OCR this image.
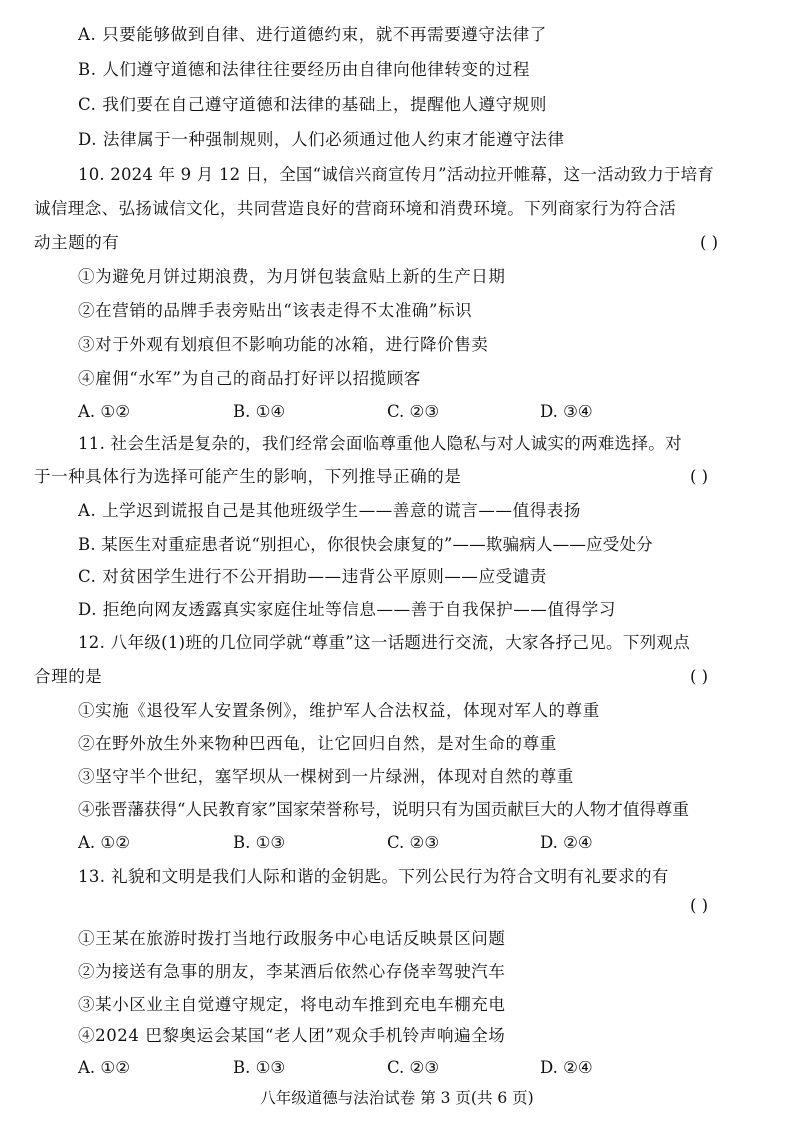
A. 只要能够做到自律、进行道德约束，就不再需要遵守法律了
B. 人们遵守道德和法律往往要经历由自律向他律转变的过程
C. 我们要在自己遵守道德和法律的基础上，提醒他人遵守规则
D. 法律属于一种强制规则，人们必须通过他人约束才能遵守法律
10. 2024 年 9 月 12 日，全国“诚信兴商宣传月”活动拉开帷幕，这一活动致力于培育
诚信理念、弘扬诚信文化，共同营造良好的营商环境和消费环境。下列商家行为符合活
动主题的有	( )
①为避免月饼过期浪费，为月饼包装盒贴上新的生产日期
②在营销的品牌手表旁贴出“该表走得不太准确”标识
③对于外观有划痕但不影响功能的冰箱，进行降价售卖
④雇佣“水军”为自己的商品打好评以招揽顾客
A. ①②	B. ①④	C. ②③	D. ③④
11. 社会生活是复杂的，我们经常会面临尊重他人隐私与对人诚实的两难选择。对
于一种具体行为选择可能产生的影响，下列推导正确的是	( )
A. 上学迟到谎报自己是其他班级学生——善意的谎言——值得表扬
B. 某医生对重症患者说“别担心，你很快会康复的”——欺骗病人——应受处分
C. 对贫困学生进行不公开捐助——违背公平原则——应受谴责
D. 拒绝向网友透露真实家庭住址等信息——善于自我保护——值得学习
12. 八年级(1)班的几位同学就“尊重”这一话题进行交流，大家各抒己见。下列观点
合理的是	( )
①实施《退役军人安置条例》，维护军人合法权益，体现对军人的尊重
②在野外放生外来物种巴西龟，让它回归自然，是对生命的尊重
③坚守半个世纪，塞罕坝从一棵树到一片绿洲，体现对自然的尊重
④张晋藩获得“人民教育家”国家荣誉称号，说明只有为国贡献巨大的人物才值得尊重
A. ①②	B. ①③	C. ②③	D. ②④
13. 礼貌和文明是我们人际和谐的金钥匙。下列公民行为符合文明有礼要求的有
( )
①王某在旅游时拨打当地行政服务中心电话反映景区问题
②为接送有急事的朋友，李某酒后依然心存侥幸驾驶汽车
③某小区业主自觉遵守规定，将电动车推到充电车棚充电
④2024 巴黎奥运会某国“老人团”观众手机铃声响遍全场
A. ①②	B. ①③	C. ②③	D. ②④
八年级道德与法治试卷 第 3 页(共 6 页)
